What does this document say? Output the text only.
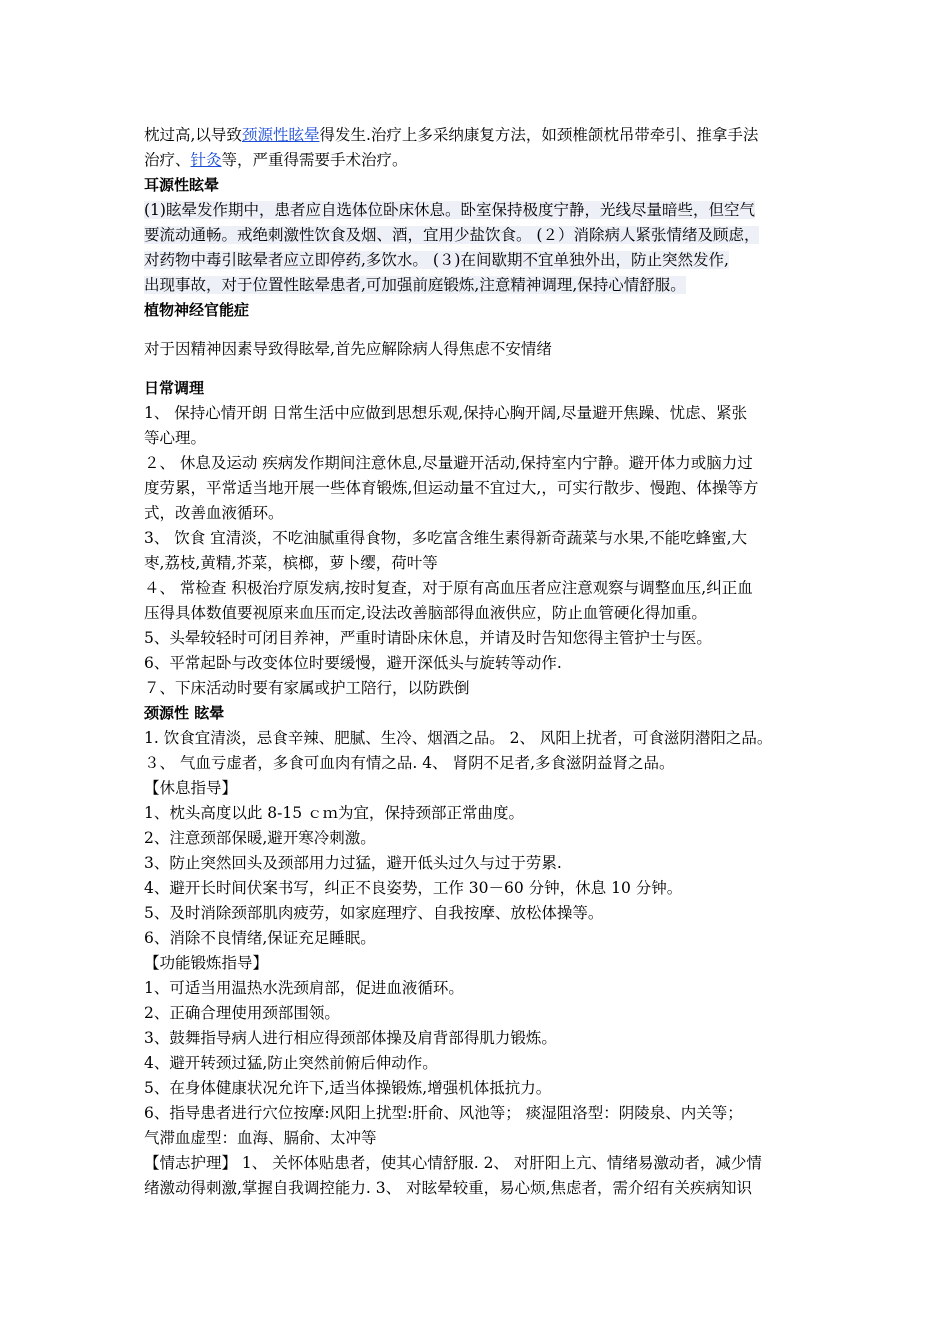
枕过高,以导致颈源性眩晕得发生.治疗上多采纳康复方法，如颈椎颌枕吊带牵引、推拿手法
治疗、针灸等，严重得需要手术治疗。
耳源性眩晕
(1)眩晕发作期中，患者应自选体位卧床休息。卧室保持极度宁静，光线尽量暗些，但空气
要流动通畅。戒绝刺激性饮食及烟、酒，宜用少盐饮食。 (２）消除病人紧张情绪及顾虑，
对药物中毒引眩晕者应立即停药,多饮水。 (３)在间歇期不宜单独外出，防止突然发作,
出现事故，对于位置性眩晕患者,可加强前庭锻炼,注意精神调理,保持心情舒服。
植物神经官能症
对于因精神因素导致得眩晕,首先应解除病人得焦虑不安情绪
日常调理
1、 保持心情开朗 日常生活中应做到思想乐观,保持心胸开阔,尽量避开焦躁、忧虑、紧张
等心理。
２、 休息及运动 疾病发作期间注意休息,尽量避开活动,保持室内宁静。避开体力或脑力过
度劳累，平常适当地开展一些体育锻炼,但运动量不宜过大,，可实行散步、慢跑、体操等方
式，改善血液循环。
3、 饮食 宜清淡，不吃油腻重得食物，多吃富含维生素得新奇蔬菜与水果,不能吃蜂蜜,大
枣,荔枝,黄精,芥菜，槟榔，萝卜缨，荷叶等
４、 常检查 积极治疗原发病,按时复查，对于原有高血压者应注意观察与调整血压,纠正血
压得具体数值要视原来血压而定,设法改善脑部得血液供应，防止血管硬化得加重。
5、头晕较轻时可闭目养神，严重时请卧床休息，并请及时告知您得主管护士与医。
6、平常起卧与改变体位时要缓慢，避开深低头与旋转等动作.
７、下床活动时要有家属或护工陪行，以防跌倒
颈源性 眩晕
1. 饮食宜清淡，忌食辛辣、肥腻、生冷、烟酒之品。 2、 风阳上扰者，可食滋阴潜阳之品。
３、 气血亏虚者，多食可血肉有情之品. 4、 肾阴不足者,多食滋阴益肾之品。
【休息指导】
1、枕头高度以此 8-15 ｃｍ为宜，保持颈部正常曲度。
2、注意颈部保暖,避开寒冷刺激。
3、防止突然回头及颈部用力过猛，避开低头过久与过于劳累.
4、避开长时间伏案书写，纠正不良姿势，工作 30－60 分钟，休息 10 分钟。
5、及时消除颈部肌肉疲劳，如家庭理疗、自我按摩、放松体操等。
6、消除不良情绪,保证充足睡眠。
【功能锻炼指导】
1、可适当用温热水洗颈肩部，促进血液循环。
2、正确合理使用颈部围领。
3、鼓舞指导病人进行相应得颈部体操及肩背部得肌力锻炼。
4、避开转颈过猛,防止突然前俯后伸动作。
5、在身体健康状况允许下,适当体操锻炼,增强机体抵抗力。
6、指导患者进行穴位按摩:风阳上扰型:肝俞、风池等； 痰湿阻洛型：阴陵泉、内关等；
气滞血虚型：血海、膈俞、太冲等
【情志护理】 1、 关怀体贴患者，使其心情舒服. 2、 对肝阳上亢、情绪易激动者，减少情
绪激动得刺激,掌握自我调控能力. 3、 对眩晕较重，易心烦,焦虑者，需介绍有关疾病知识
